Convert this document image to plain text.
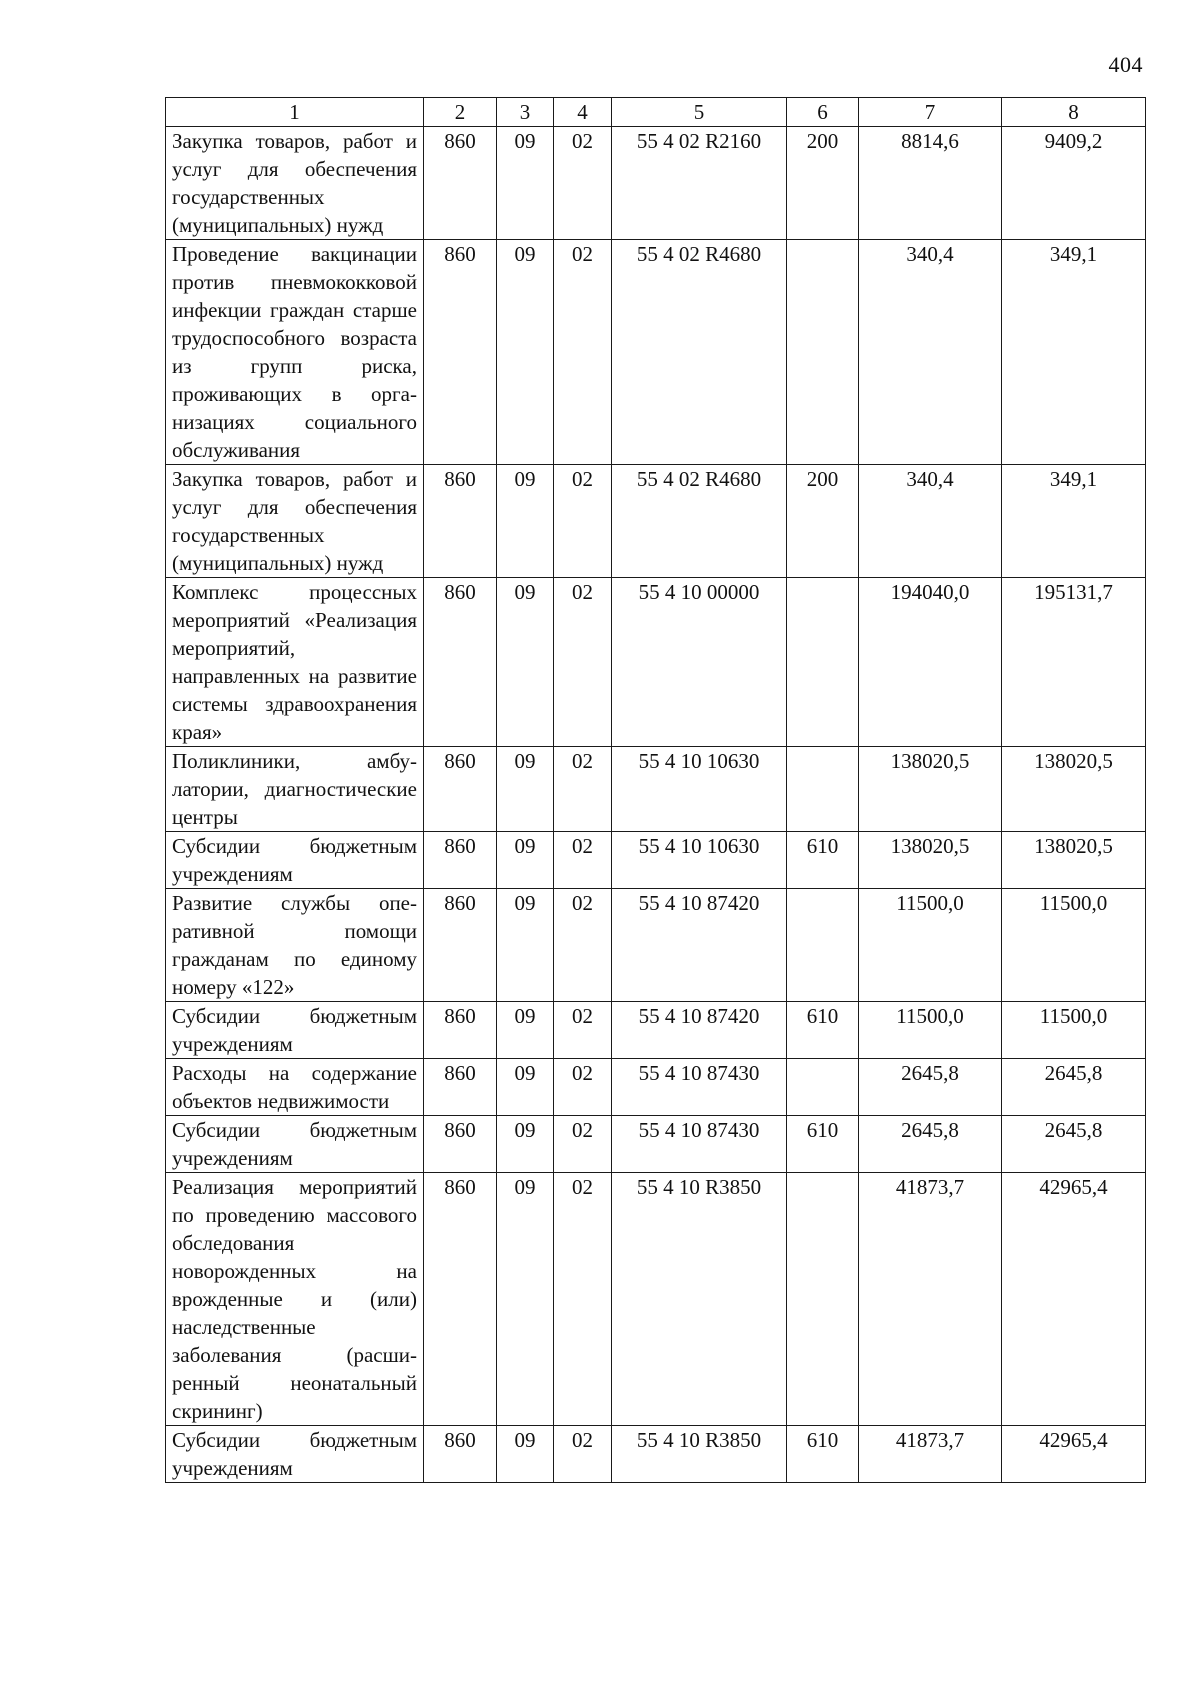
404
1	2	3	4	5	6	7	8
Закупка товаров, работ и услуг для обеспечения государственных (муниципальных) нужд	860	09	02	55 4 02 R2160	200	8814,6	9409,2
Проведение вакцинации против пневмококковой инфекции граждан старше трудоспособного возраста из групп риска, проживающих в организациях социального обслуживания	860	09	02	55 4 02 R4680		340,4	349,1
Закупка товаров, работ и услуг для обеспечения государственных (муниципальных) нужд	860	09	02	55 4 02 R4680	200	340,4	349,1
Комплекс процессных мероприятий «Реализация мероприятий, направленных на развитие системы здравоохранения края»	860	09	02	55 4 10 00000		194040,0	195131,7
Поликлиники, амбулатории, диагностические центры	860	09	02	55 4 10 10630		138020,5	138020,5
Субсидии бюджетным учреждениям	860	09	02	55 4 10 10630	610	138020,5	138020,5
Развитие службы оперативной помощи гражданам по единому номеру «122»	860	09	02	55 4 10 87420		11500,0	11500,0
Субсидии бюджетным учреждениям	860	09	02	55 4 10 87420	610	11500,0	11500,0
Расходы на содержание объектов недвижимости	860	09	02	55 4 10 87430		2645,8	2645,8
Субсидии бюджетным учреждениям	860	09	02	55 4 10 87430	610	2645,8	2645,8
Реализация мероприятий по проведению массового обследования новорожденных на врожденные и (или) наследственные заболевания (расширенный неонатальный скрининг)	860	09	02	55 4 10 R3850		41873,7	42965,4
Субсидии бюджетным учреждениям	860	09	02	55 4 10 R3850	610	41873,7	42965,4
